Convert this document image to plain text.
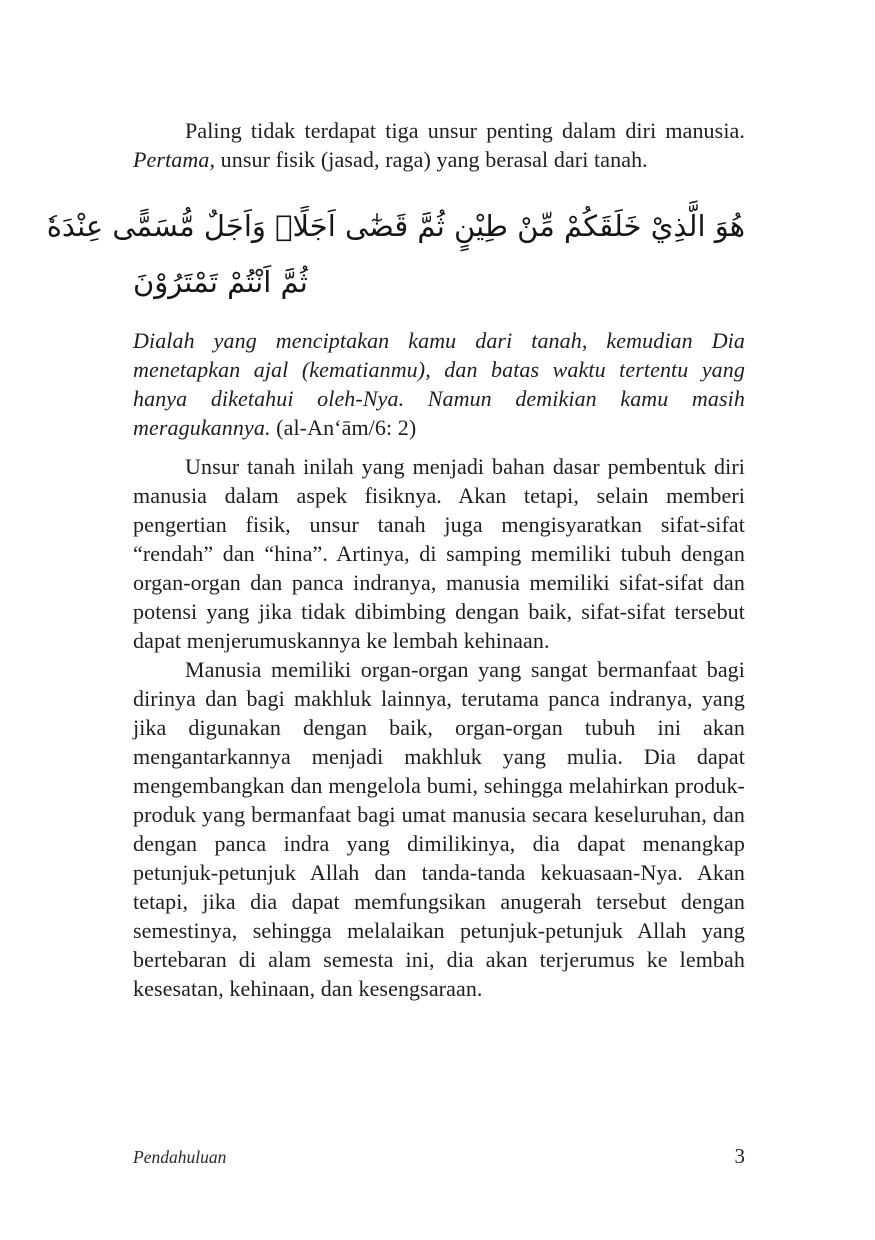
Paling tidak terdapat tiga unsur penting dalam diri manusia. Pertama, unsur fisik (jasad, raga) yang berasal dari tanah.

هُوَ الَّذِيْ خَلَقَكُمْ مِّنْ طِيْنٍ ثُمَّ قَضٰٓى اَجَلًاۗ وَاَجَلٌ مُّسَمًّى عِنْدَهٗ
ثُمَّ اَنْتُمْ تَمْتَرُوْنَ

Dialah yang menciptakan kamu dari tanah, kemudian Dia menetapkan ajal (kematianmu), dan batas waktu tertentu yang hanya diketahui oleh-Nya. Namun demikian kamu masih meragukannya. (al-An‘ām/6: 2)

Unsur tanah inilah yang menjadi bahan dasar pembentuk diri manusia dalam aspek fisiknya. Akan tetapi, selain memberi pengertian fisik, unsur tanah juga mengisyaratkan sifat-sifat “rendah” dan “hina”. Artinya, di samping memiliki tubuh dengan organ-organ dan panca indranya, manusia memiliki sifat-sifat dan potensi yang jika tidak dibimbing dengan baik, sifat-sifat tersebut dapat menjerumuskannya ke lembah kehinaan.

Manusia memiliki organ-organ yang sangat bermanfaat bagi dirinya dan bagi makhluk lainnya, terutama panca indranya, yang jika digunakan dengan baik, organ-organ tubuh ini akan mengantarkannya menjadi makhluk yang mulia. Dia dapat mengembangkan dan mengelola bumi, sehingga melahirkan produk-produk yang bermanfaat bagi umat manusia secara keseluruhan, dan dengan panca indra yang dimilikinya, dia dapat menangkap petunjuk-petunjuk Allah dan tanda-tanda kekuasaan-Nya. Akan tetapi, jika dia dapat memfungsikan anugerah tersebut dengan semestinya, sehingga melalaikan petunjuk-petunjuk Allah yang bertebaran di alam semesta ini, dia akan terjerumus ke lembah kesesatan, kehinaan, dan kesengsaraan.

Pendahuluan	3
